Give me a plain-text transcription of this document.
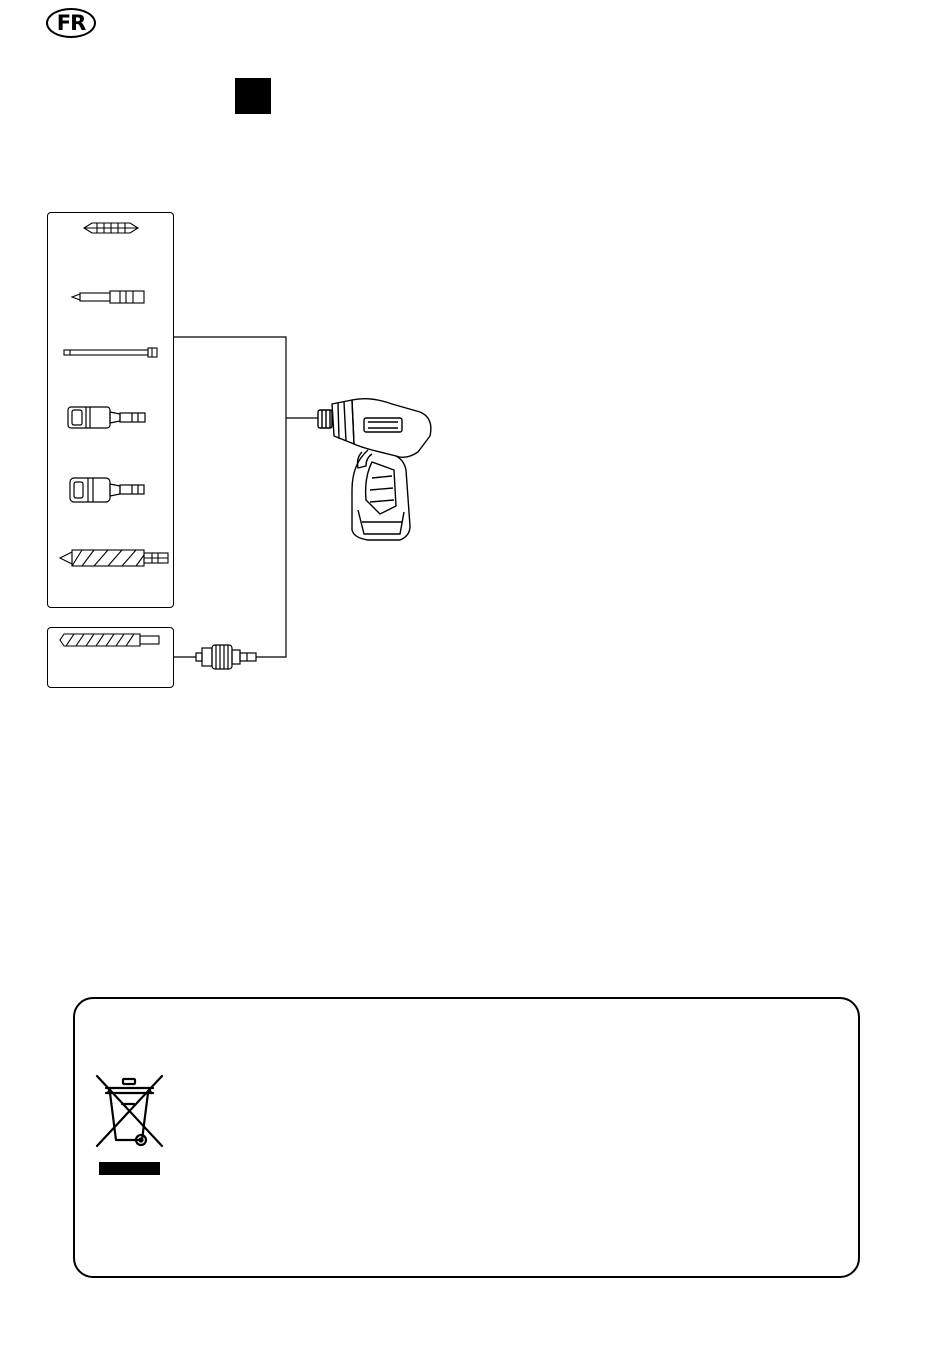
FR
